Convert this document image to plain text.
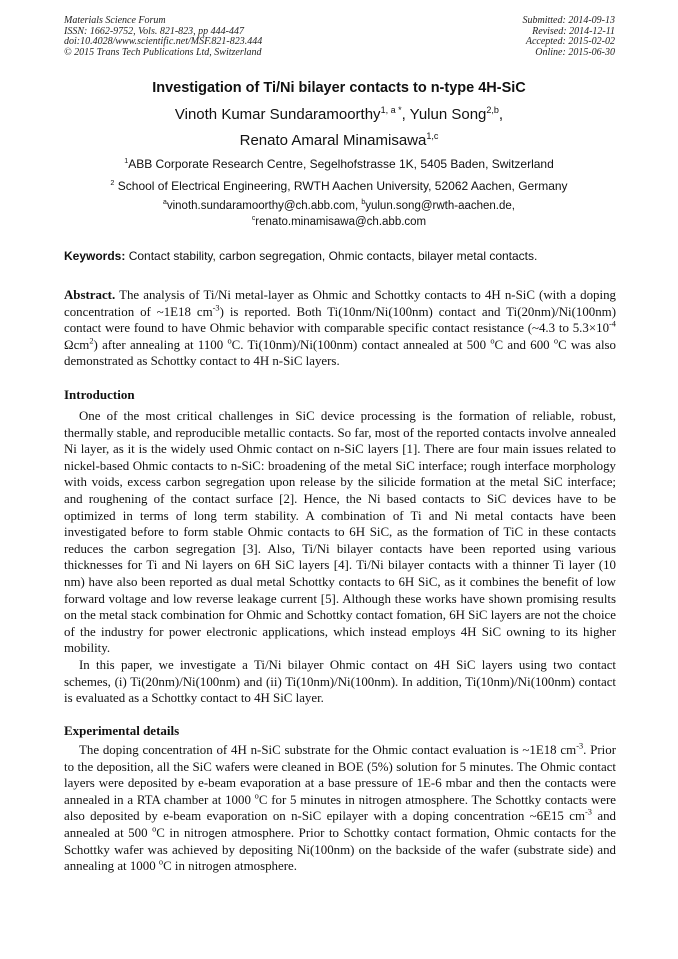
Materials Science Forum
ISSN: 1662-9752, Vols. 821-823, pp 444-447
doi:10.4028/www.scientific.net/MSF.821-823.444
© 2015 Trans Tech Publications Ltd, Switzerland
Submitted: 2014-09-13
Revised: 2014-12-11
Accepted: 2015-02-02
Online: 2015-06-30
Investigation of Ti/Ni bilayer contacts to n-type 4H-SiC
Vinoth Kumar Sundaramoorthy$^{1, a *}$, Yulun Song$^{2,b}$,
Renato Amaral Minamisawa$^{1,c}$
$^1$ABB Corporate Research Centre, Segelhofstrasse 1K, 5405 Baden, Switzerland
$^2$ School of Electrical Engineering, RWTH Aachen University, 52062 Aachen, Germany
$^a$vinoth.sundaramoorthy@ch.abb.com, $^b$yulun.song@rwth-aachen.de,
$^c$renato.minamisawa@ch.abb.com
Keywords: Contact stability, carbon segregation, Ohmic contacts, bilayer metal contacts.

Abstract. The analysis of Ti/Ni metal-layer as Ohmic and Schottky contacts to 4H n-SiC (with a doping concentration of ~1E18 $cm^{-3}$) is reported. Both Ti(10nm/Ni(100nm) contact and Ti(20nm)/Ni(100nm) contact were found to have Ohmic behavior with comparable specific contact resistance (~4.3 to $5.3\times 10^{-4}$ Ωcm$^2$) after annealing at 1100 $^o$C. Ti(10nm)/Ni(100nm) contact annealed at 500 $^o$C and 600 $^o$C was also demonstrated as Schottky contact to 4H n-SiC layers.

Introduction

One of the most critical challenges in SiC device processing is the formation of reliable, robust, thermally stable, and reproducible metallic contacts. So far, most of the reported contacts involve annealed Ni layer, as it is the widely used Ohmic contact on n-SiC layers [1]. There are four main issues related to nickel-based Ohmic contacts to n-SiC: broadening of the metal SiC interface; rough interface morphology with voids, excess carbon segregation upon release by the silicide formation at the metal SiC interface; and roughening of the contact surface [2]. Hence, the Ni based contacts to SiC devices have to be optimized in terms of long term stability. A combination of Ti and Ni metal contacts have been investigated before to form stable Ohmic contacts to 6H SiC, as the formation of TiC in these contacts reduces the carbon segregation [3]. Also, Ti/Ni bilayer contacts have been reported using various thicknesses for Ti and Ni layers on 6H SiC layers [4]. Ti/Ni bilayer contacts with a thinner Ti layer (10 nm) have also been reported as dual metal Schottky contacts to 6H SiC, as it combines the benefit of low forward voltage and low reverse leakage current [5]. Although these works have shown promising results on the metal stack combination for Ohmic and Schottky contact fomation, 6H SiC layers are not the choice of the industry for power electronic applications, which instead employs 4H SiC owning to its higher mobility.

In this paper, we investigate a Ti/Ni bilayer Ohmic contact on 4H SiC layers using two contact schemes, (i) Ti(20nm)/Ni(100nm) and (ii) Ti(10nm)/Ni(100nm). In addition, Ti(10nm)/Ni(100nm) contact is evaluated as a Schottky contact to 4H SiC layer.

Experimental details

The doping concentration of 4H n-SiC substrate for the Ohmic contact evaluation is ~1E18 $cm^{-3}$. Prior to the deposition, all the SiC wafers were cleaned in BOE (5%) solution for 5 minutes. The Ohmic contact layers were deposited by e-beam evaporation at a base pressure of 1E-6 mbar and then the contacts were annealed in a RTA chamber at 1000 $^o$C for 5 minutes in nitrogen atmosphere. The Schottky contacts were also deposited by e-beam evaporation on n-SiC epilayer with a doping concentration ~6E15 $cm^{-3}$ and annealed at 500 $^o$C in nitrogen atmosphere. Prior to Schottky contact formation, Ohmic contacts for the Schottky wafer was achieved by depositing Ni(100nm) on the backside of the wafer (substrate side) and annealing at 1000 $^o$C in nitrogen atmosphere.
